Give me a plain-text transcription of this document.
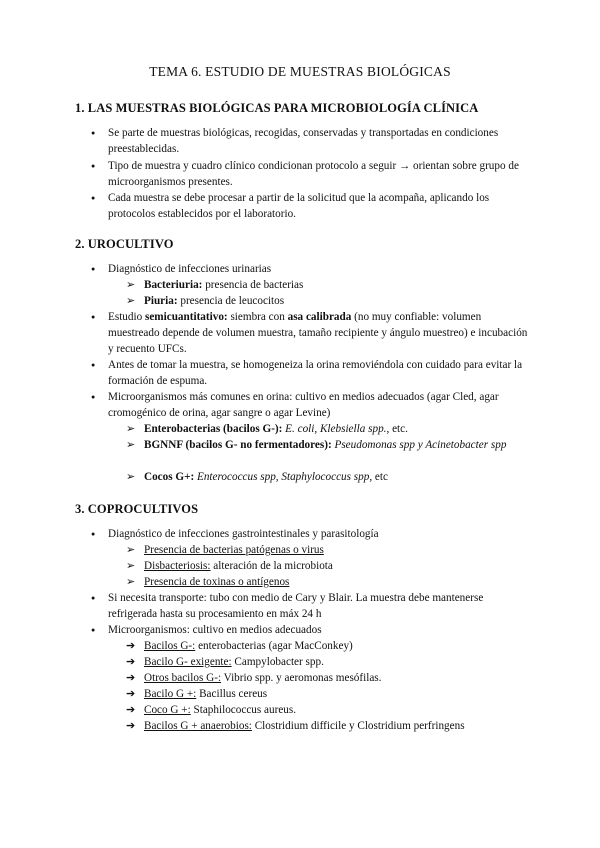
TEMA 6. ESTUDIO DE MUESTRAS BIOLÓGICAS
1. LAS MUESTRAS BIOLÓGICAS PARA MICROBIOLOGÍA CLÍNICA
● Se parte de muestras biológicas, recogidas, conservadas y transportadas en condiciones preestablecidas.
● Tipo de muestra y cuadro clínico condicionan protocolo a seguir → orientan sobre grupo de microorganismos presentes.
● Cada muestra se debe procesar a partir de la solicitud que la acompaña, aplicando los protocolos establecidos por el laboratorio.
2. UROCULTIVO
● Diagnóstico de infecciones urinarias
➢ Bacteriuria: presencia de bacterias
➢ Piuria: presencia de leucocitos
● Estudio semicuantitativo: siembra con asa calibrada (no muy confiable: volumen muestreado depende de volumen muestra, tamaño recipiente y ángulo muestreo) e incubación y recuento UFCs.
● Antes de tomar la muestra, se homogeneiza la orina removiéndola con cuidado para evitar la formación de espuma.
● Microorganismos más comunes en orina: cultivo en medios adecuados (agar Cled, agar cromogénico de orina, agar sangre o agar Levine)
➢ Enterobacterias (bacilos G-): E. coli, Klebsiella spp., etc.
➢ BGNNF (bacilos G- no fermentadores): Pseudomonas spp y Acinetobacter spp
➢ Cocos G+: Enterococcus spp, Staphylococcus spp, etc
3. COPROCULTIVOS
● Diagnóstico de infecciones gastrointestinales y parasitología
➢ Presencia de bacterias patógenas o virus
➢ Disbacteriosis: alteración de la microbiota
➢ Presencia de toxinas o antígenos
● Si necesita transporte: tubo con medio de Cary y Blair. La muestra debe mantenerse refrigerada hasta su procesamiento en máx 24 h
● Microorganismos: cultivo en medios adecuados
➔ Bacilos G-: enterobacterias (agar MacConkey)
➔ Bacilo G- exigente: Campylobacter spp.
➔ Otros bacilos G-: Vibrio spp. y aeromonas mesófilas.
➔ Bacilo G +: Bacillus cereus
➔ Coco G +: Staphilococcus aureus.
➔ Bacilos G + anaerobios: Clostridium difficile y Clostridium perfringens
